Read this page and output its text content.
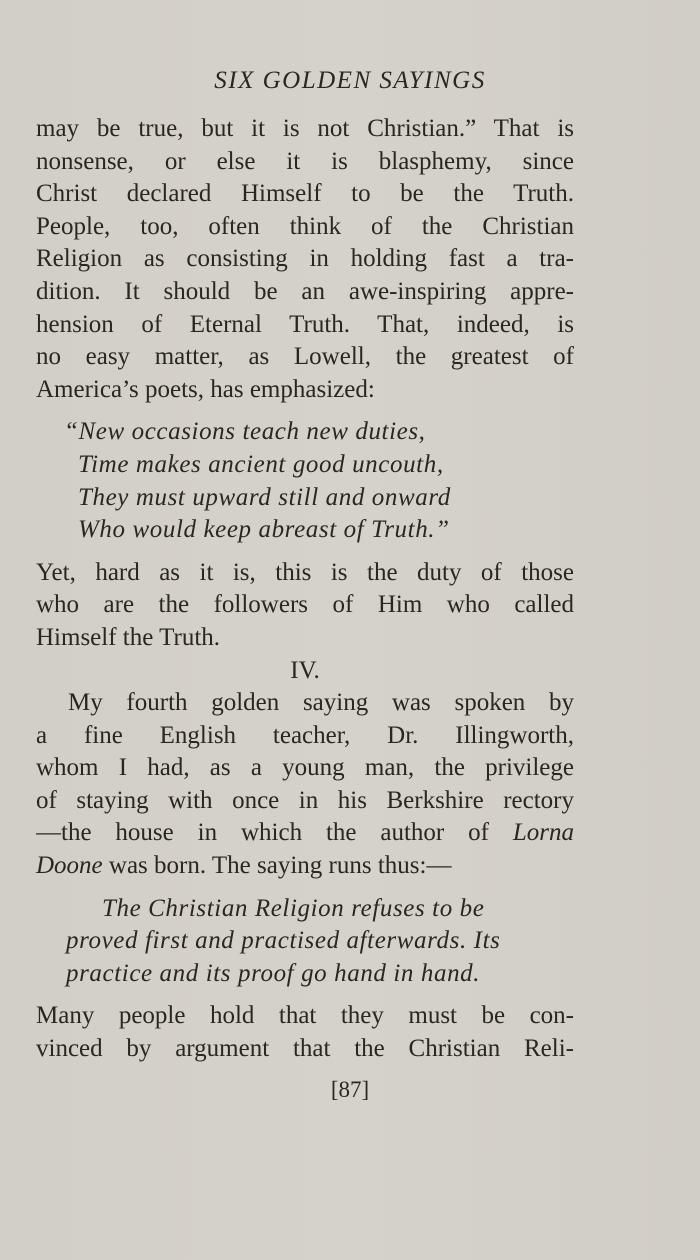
SIX GOLDEN SAYINGS
may be true, but it is not Christian.” That is
nonsense, or else it is blasphemy, since
Christ declared Himself to be the Truth.
People, too, often think of the Christian
Religion as consisting in holding fast a tra-
dition. It should be an awe-inspiring appre-
hension of Eternal Truth. That, indeed, is
no easy matter, as Lowell, the greatest of
America’s poets, has emphasized:
“New occasions teach new duties,
Time makes ancient good uncouth,
They must upward still and onward
Who would keep abreast of Truth.”
Yet, hard as it is, this is the duty of those
who are the followers of Him who called
Himself the Truth.
IV.
My fourth golden saying was spoken by
a fine English teacher, Dr. Illingworth,
whom I had, as a young man, the privilege
of staying with once in his Berkshire rectory
—the house in which the author of Lorna
Doone was born. The saying runs thus:—
The Christian Religion refuses to be
proved first and practised afterwards. Its
practice and its proof go hand in hand.
Many people hold that they must be con-
vinced by argument that the Christian Reli-
[87]
